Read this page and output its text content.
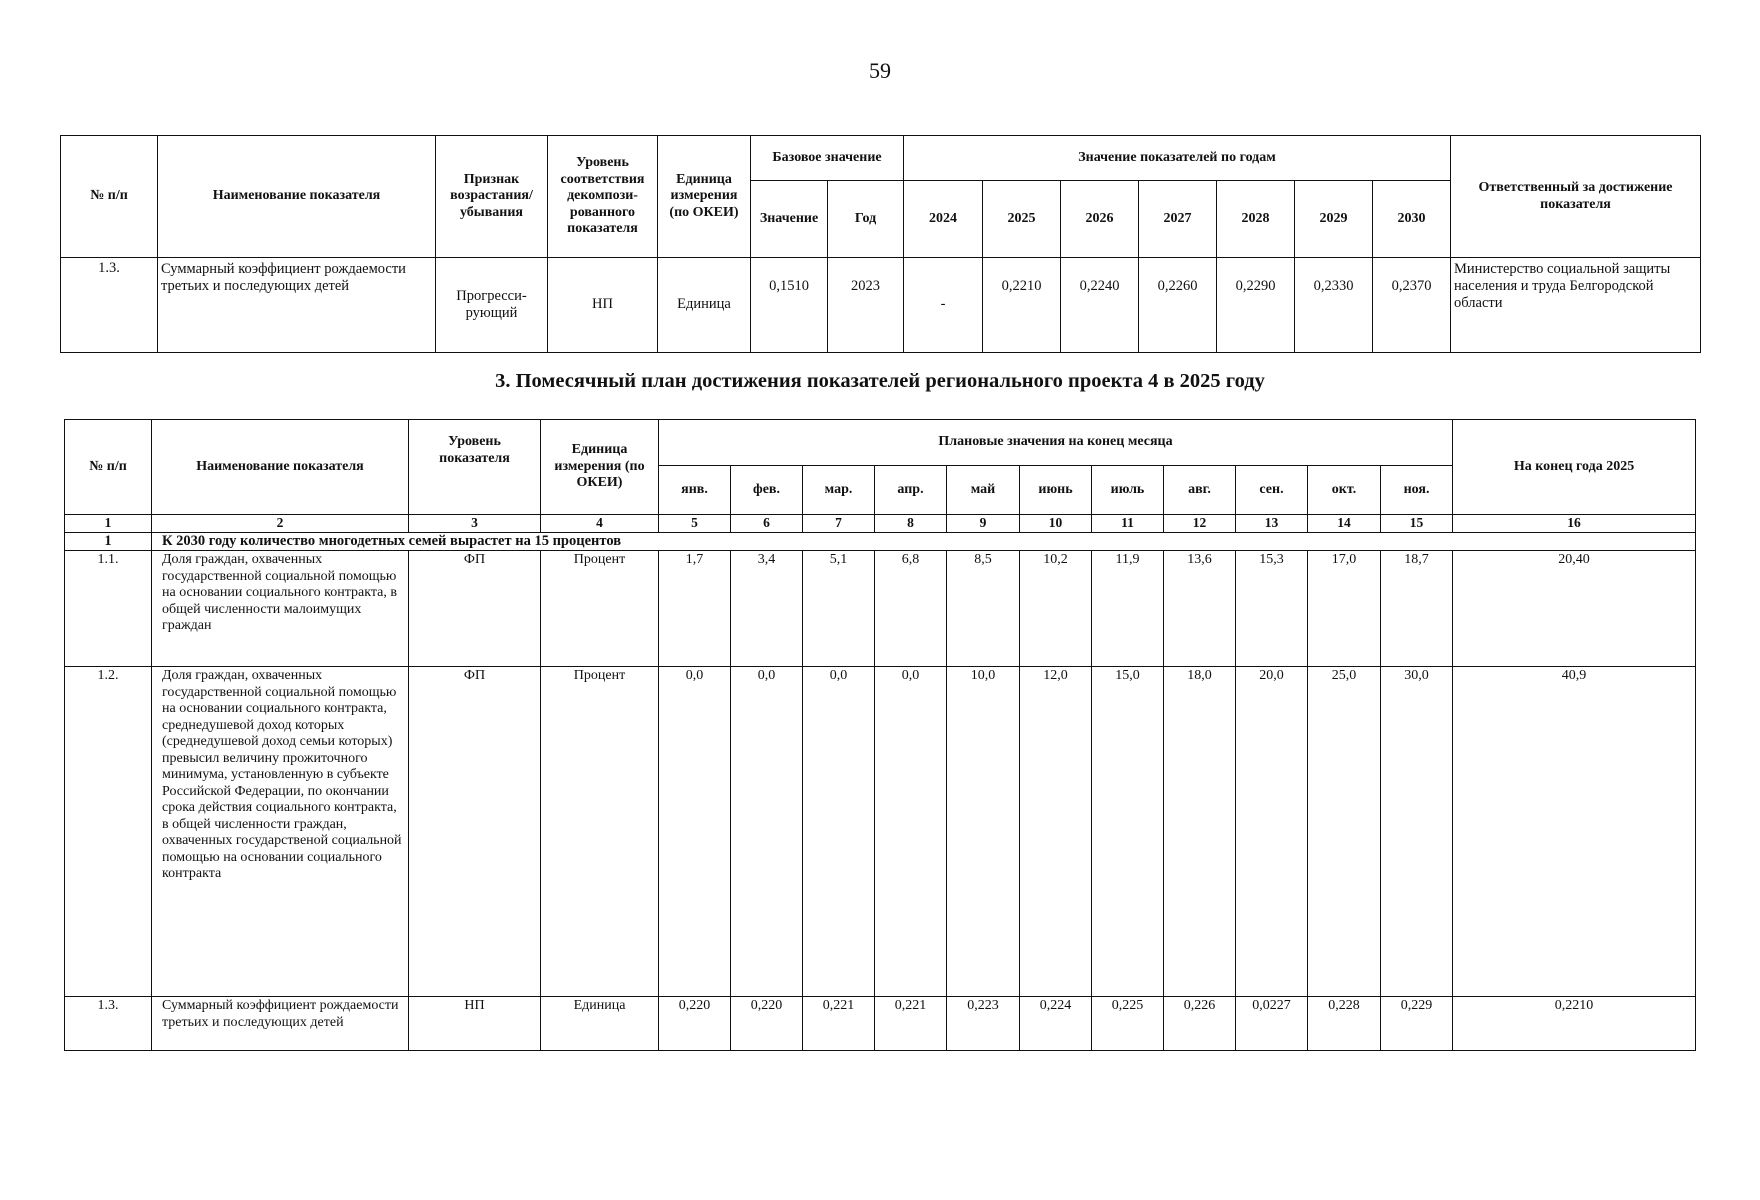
59
№ п/п	Наименование показателя	Признак возрастания/ убывания	Уровень соответствия декомпози-рованного показателя	Единица измерения (по ОКЕИ)	Базовое значение		Значение показателей по годам							Ответственный за достижение показателя
					Значение	Год	2024	2025	2026	2027	2028	2029	2030	
1.3.	Суммарный коэффициент рождаемости третьих и последующих детей	Прогресси-рующий	НП	Единица	0,1510	2023	-	0,2210	0,2240	0,2260	0,2290	0,2330	0,2370	Министерство социальной защиты населения и труда Белгородской области
3. Помесячный план достижения показателей регионального проекта 4 в 2025 году
№ п/п	Наименование показателя	Уровень показателя	Единица измерения (по ОКЕИ)	Плановые значения на конец месяца											На конец года 2025
				янв.	фев.	мар.	апр.	май	июнь	июль	авг.	сен.	окт.	ноя.	
1	2	3	4	5	6	7	8	9	10	11	12	13	14	15	16
1	К 2030 году количество многодетных семей вырастет на 15 процентов														
1.1.	Доля граждан, охваченных государственной социальной помощью на основании социального контракта, в общей численности малоимущих граждан	ФП	Процент	1,7	3,4	5,1	6,8	8,5	10,2	11,9	13,6	15,3	17,0	18,7	20,40
1.2.	Доля граждан, охваченных государственной социальной помощью на основании социального контракта, среднедушевой доход которых (среднедушевой доход семьи которых) превысил величину прожиточного минимума, установленную в субъекте Российской Федерации, по окончании срока действия социального контракта, в общей численности граждан, охваченных государственой социальной помощью на основании социального контракта	ФП	Процент	0,0	0,0	0,0	0,0	10,0	12,0	15,0	18,0	20,0	25,0	30,0	40,9
1.3.	Суммарный коэффициент рождаемости третьих и последующих детей	НП	Единица	0,220	0,220	0,221	0,221	0,223	0,224	0,225	0,226	0,0227	0,228	0,229	0,2210
